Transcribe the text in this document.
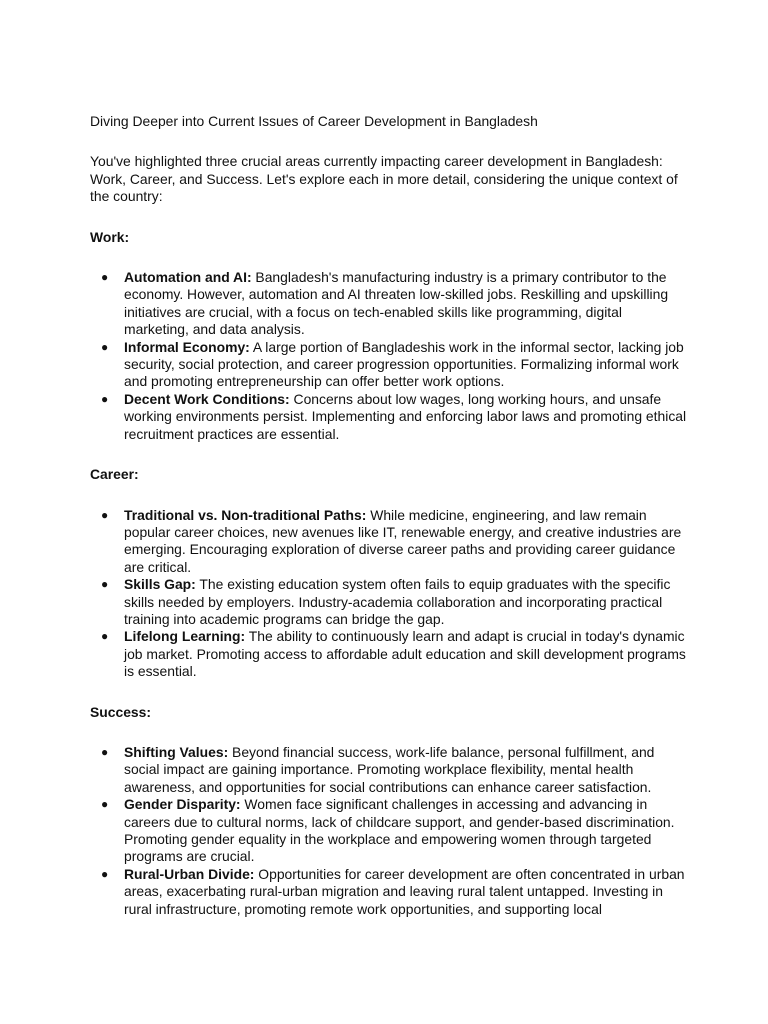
Diving Deeper into Current Issues of Career Development in Bangladesh

You've highlighted three crucial areas currently impacting career development in Bangladesh: Work, Career, and Success. Let's explore each in more detail, considering the unique context of the country:

Work:

● Automation and AI: Bangladesh's manufacturing industry is a primary contributor to the economy. However, automation and AI threaten low-skilled jobs. Reskilling and upskilling initiatives are crucial, with a focus on tech-enabled skills like programming, digital marketing, and data analysis.
● Informal Economy: A large portion of Bangladeshis work in the informal sector, lacking job security, social protection, and career progression opportunities. Formalizing informal work and promoting entrepreneurship can offer better work options.
● Decent Work Conditions: Concerns about low wages, long working hours, and unsafe working environments persist. Implementing and enforcing labor laws and promoting ethical recruitment practices are essential.

Career:

● Traditional vs. Non-traditional Paths: While medicine, engineering, and law remain popular career choices, new avenues like IT, renewable energy, and creative industries are emerging. Encouraging exploration of diverse career paths and providing career guidance are critical.
● Skills Gap: The existing education system often fails to equip graduates with the specific skills needed by employers. Industry-academia collaboration and incorporating practical training into academic programs can bridge the gap.
● Lifelong Learning: The ability to continuously learn and adapt is crucial in today's dynamic job market. Promoting access to affordable adult education and skill development programs is essential.

Success:

● Shifting Values: Beyond financial success, work-life balance, personal fulfillment, and social impact are gaining importance. Promoting workplace flexibility, mental health awareness, and opportunities for social contributions can enhance career satisfaction.
● Gender Disparity: Women face significant challenges in accessing and advancing in careers due to cultural norms, lack of childcare support, and gender-based discrimination. Promoting gender equality in the workplace and empowering women through targeted programs are crucial.
● Rural-Urban Divide: Opportunities for career development are often concentrated in urban areas, exacerbating rural-urban migration and leaving rural talent untapped. Investing in rural infrastructure, promoting remote work opportunities, and supporting local
